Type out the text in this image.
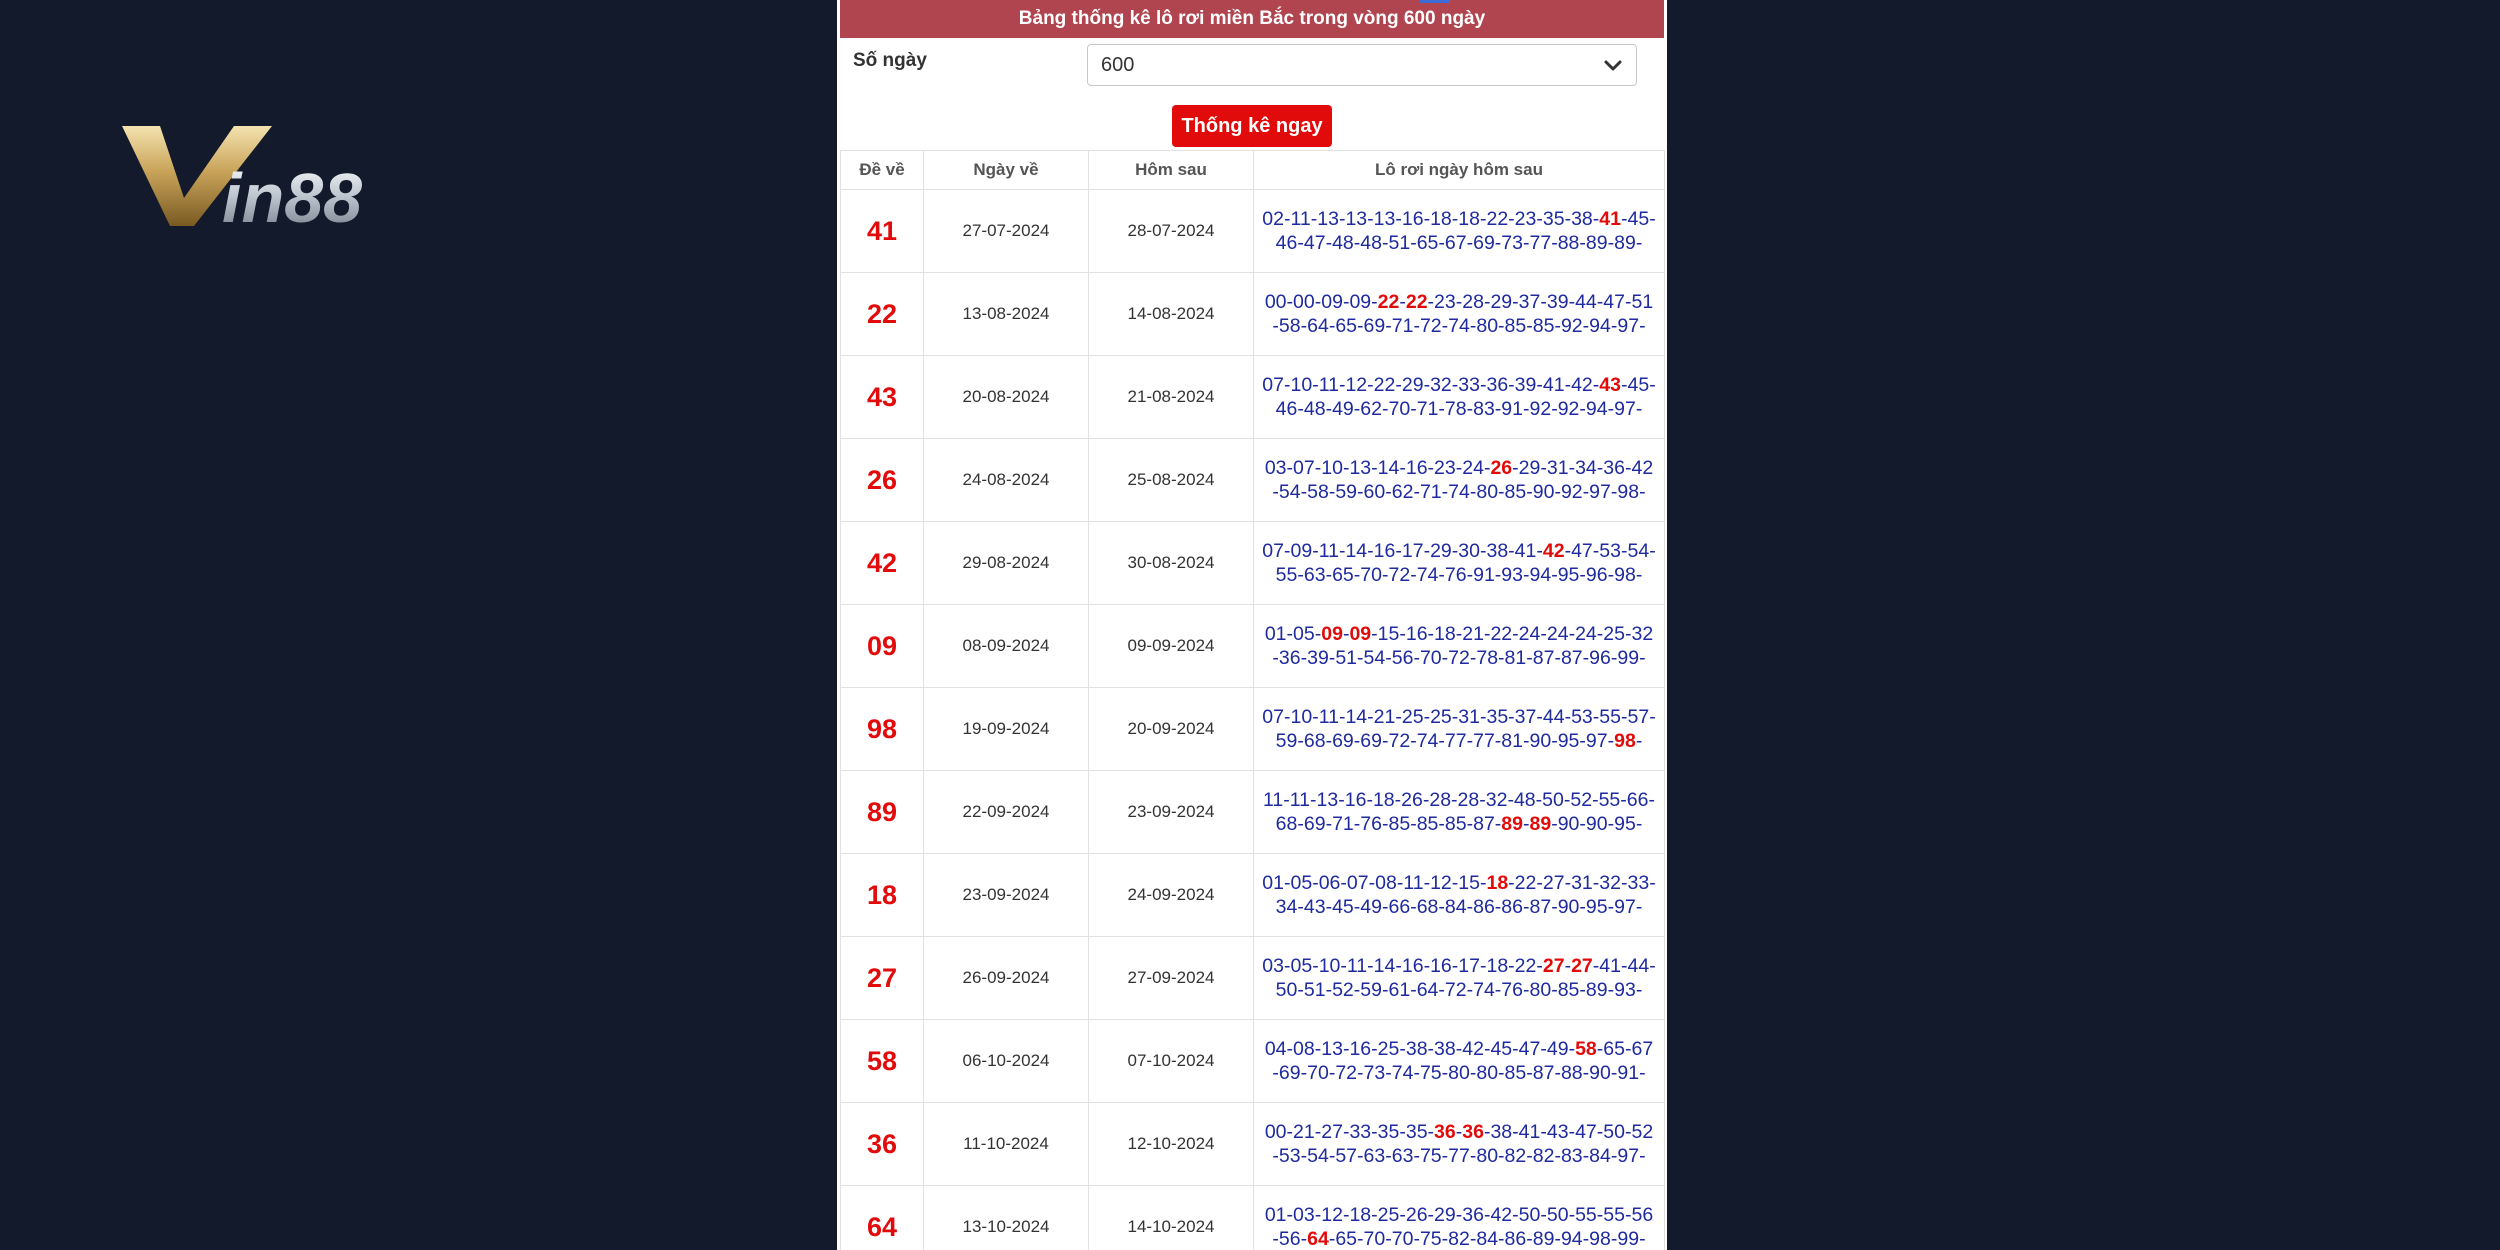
in88
Bảng thống kê lô rơi miền Bắc trong vòng 600 ngày
Số ngày	600
Thống kê ngay
Đề về	Ngày về	Hôm sau	Lô rơi ngày hôm sau
41	27-07-2024	28-07-2024	02-11-13-13-13-16-18-18-22-23-35-38-41-45-46-47-48-48-51-65-67-69-73-77-88-89-89-
22	13-08-2024	14-08-2024	00-00-09-09-22-22-23-28-29-37-39-44-47-51-58-64-65-69-71-72-74-80-85-85-92-94-97-
43	20-08-2024	21-08-2024	07-10-11-12-22-29-32-33-36-39-41-42-43-45-46-48-49-62-70-71-78-83-91-92-92-94-97-
26	24-08-2024	25-08-2024	03-07-10-13-14-16-23-24-26-29-31-34-36-42-54-58-59-60-62-71-74-80-85-90-92-97-98-
42	29-08-2024	30-08-2024	07-09-11-14-16-17-29-30-38-41-42-47-53-54-55-63-65-70-72-74-76-91-93-94-95-96-98-
09	08-09-2024	09-09-2024	01-05-09-09-15-16-18-21-22-24-24-24-25-32-36-39-51-54-56-70-72-78-81-87-87-96-99-
98	19-09-2024	20-09-2024	07-10-11-14-21-25-25-31-35-37-44-53-55-57-59-68-69-69-72-74-77-77-81-90-95-97-98-
89	22-09-2024	23-09-2024	11-11-13-16-18-26-28-28-32-48-50-52-55-66-68-69-71-76-85-85-85-87-89-89-90-90-95-
18	23-09-2024	24-09-2024	01-05-06-07-08-11-12-15-18-22-27-31-32-33-34-43-45-49-66-68-84-86-86-87-90-95-97-
27	26-09-2024	27-09-2024	03-05-10-11-14-16-16-17-18-22-27-27-41-44-50-51-52-59-61-64-72-74-76-80-85-89-93-
58	06-10-2024	07-10-2024	04-08-13-16-25-38-38-42-45-47-49-58-65-67-69-70-72-73-74-75-80-80-85-87-88-90-91-
36	11-10-2024	12-10-2024	00-21-27-33-35-35-36-36-38-41-43-47-50-52-53-54-57-63-63-75-77-80-82-82-83-84-97-
64	13-10-2024	14-10-2024	01-03-12-18-25-26-29-36-42-50-50-55-55-56-56-64-65-70-70-75-82-84-86-89-94-98-99-
